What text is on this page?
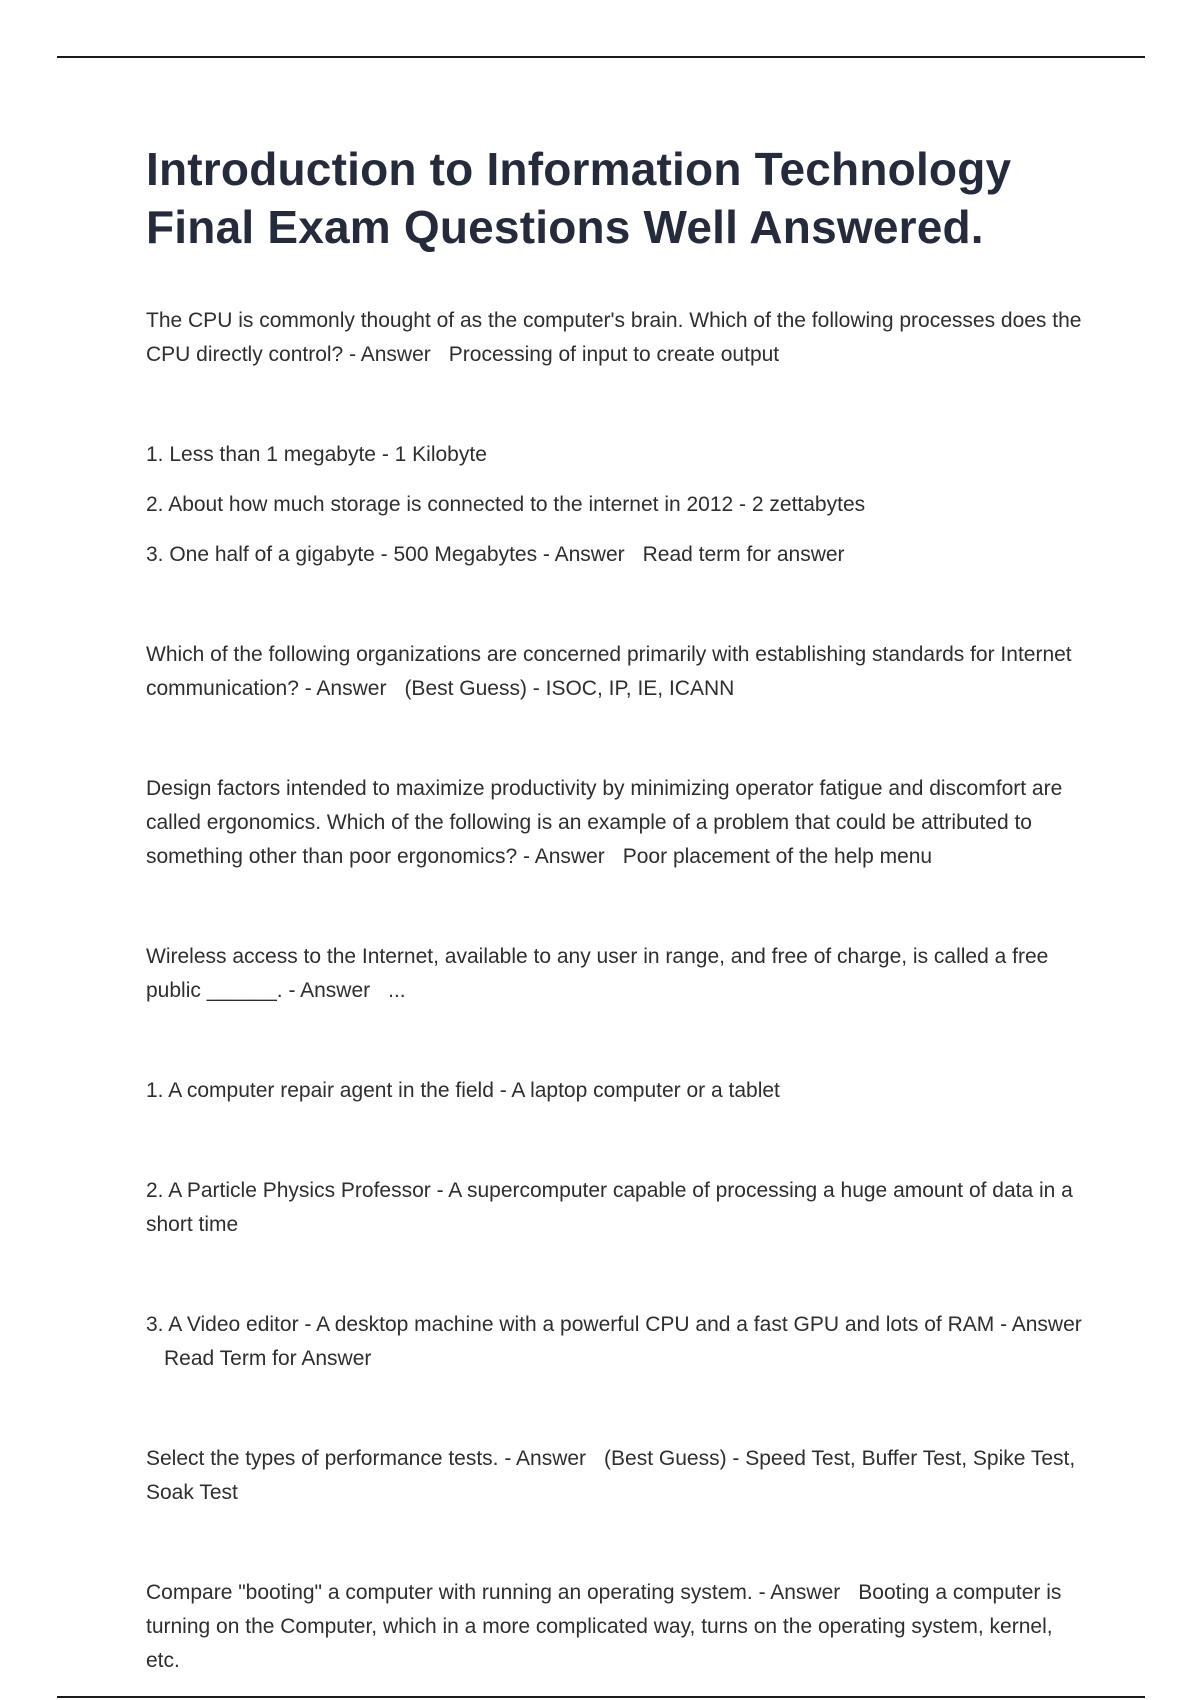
Introduction to Information Technology
Final Exam Questions Well Answered.

The CPU is commonly thought of as the computer's brain. Which of the following processes does the CPU directly control? - Answer Processing of input to create output

1. Less than 1 megabyte - 1 Kilobyte

2. About how much storage is connected to the internet in 2012 - 2 zettabytes

3. One half of a gigabyte - 500 Megabytes - Answer Read term for answer

Which of the following organizations are concerned primarily with establishing standards for Internet communication? - Answer (Best Guess) - ISOC, IP, IE, ICANN

Design factors intended to maximize productivity by minimizing operator fatigue and discomfort are called ergonomics. Which of the following is an example of a problem that could be attributed to something other than poor ergonomics? - Answer Poor placement of the help menu

Wireless access to the Internet, available to any user in range, and free of charge, is called a free public ______. - Answer ...

1. A computer repair agent in the field - A laptop computer or a tablet

2. A Particle Physics Professor - A supercomputer capable of processing a huge amount of data in a short time

3. A Video editor - A desktop machine with a powerful CPU and a fast GPU and lots of RAM - AnswerRead Term for Answer

Select the types of performance tests. - Answer (Best Guess) - Speed Test, Buffer Test, Spike Test, Soak Test

Compare "booting" a computer with running an operating system. - Answer Booting a computer is turning on the Computer, which in a more complicated way, turns on the operating system, kernel, etc.
